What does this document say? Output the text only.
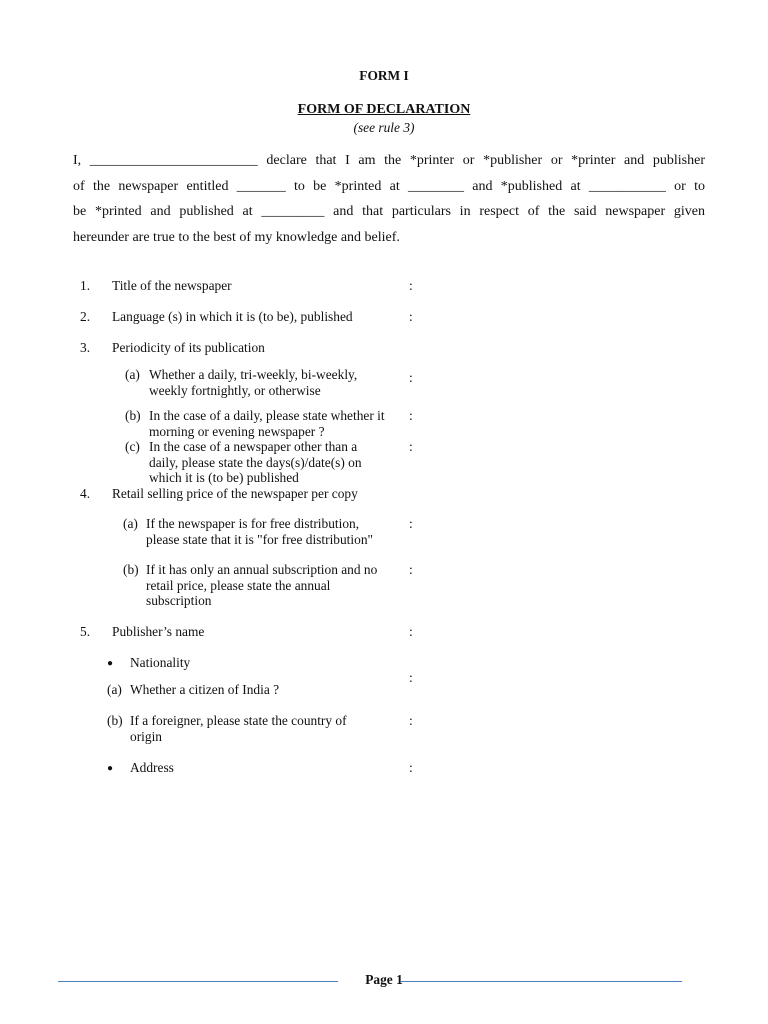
FORM I
FORM OF DECLARATION
(see rule 3)
I, ________________________ declare that I am the *printer or *publisher or *printer and publisher
of the newspaper entitled _______ to be *printed at ________ and *published at ___________ or to
be *printed and published at _________ and that particulars in respect of the said newspaper given
hereunder are true to the best of my knowledge and belief.
1. Title of the newspaper	:
2. Language (s) in which it is (to be), published	:
3. Periodicity of its publication
(a) Whether a daily, tri-weekly, bi-weekly,
weekly fortnightly, or otherwise
:
(b) In the case of a daily, please state whether it
morning or evening newspaper ?
:
(c) In the case of a newspaper other than a
daily, please state the days(s)/date(s) on
which it is (to be) published
:
4. Retail selling price of the newspaper per copy
(a) If the newspaper is for free distribution,
please state that it is "for free distribution"
:
(b) If it has only an annual subscription and no
retail price, please state the annual
subscription
:
5. Publisher’s name	:
● Nationality
(a) Whether a citizen of India ?
:
(b) If a foreigner, please state the country of
origin
:
● Address	:
Page 1
